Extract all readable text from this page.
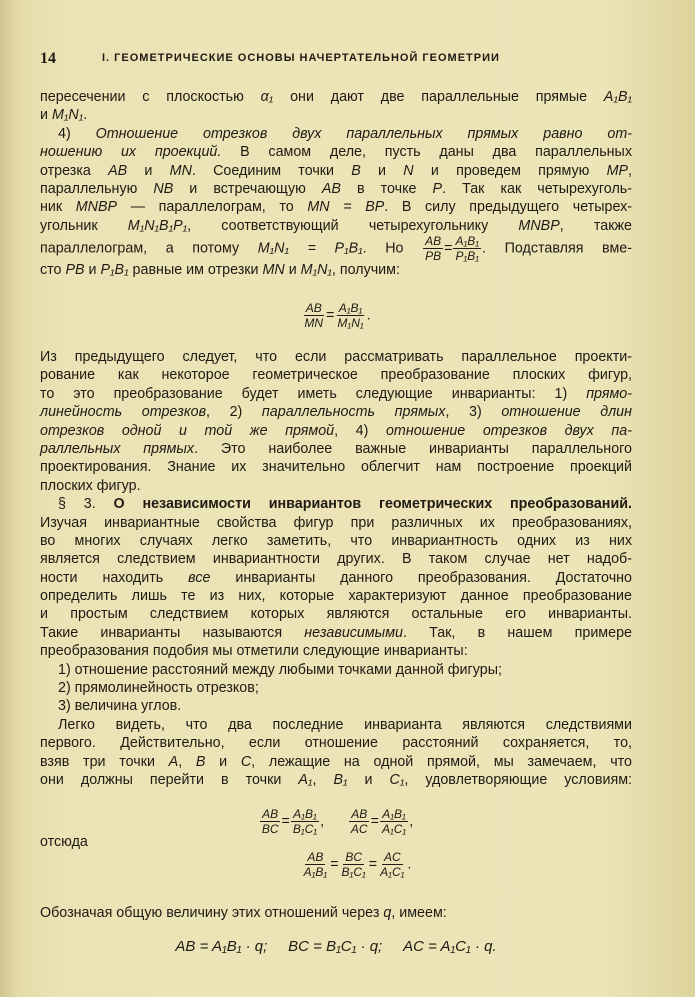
14	I. ГЕОМЕТРИЧЕСКИЕ ОСНОВЫ НАЧЕРТАТЕЛЬНОЙ ГЕОМЕТРИИ
пересечении с плоскостью α₁ они дают две параллельные прямые A₁B₁
и M₁N₁.
4) Отношение отрезков двух параллельных прямых равно от-
ношению их проекций. В самом деле, пусть даны два параллельных
отрезка AB и MN. Соединим точки B и N и проведем прямую MP,
параллельную NB и встречающую AB в точке P. Так как четырехуголь-
ник MNBP — параллелограм, то MN = BP. В силу предыдущего четырех-
угольник M₁N₁B₁P₁, соответствующий четырехугольнику MNBP, также
параллелограм, а потому M₁N₁ = P₁B₁. Но $\frac{AB}{PB} = \frac{\text{A₁B₁}}{\text{P₁B₁}}$ . Подставляя вме-
сто PB и P₁B₁ равные им отрезки MN и M₁N₁, получим:
$\frac{AB}{MN} = \frac{\text{A₁B₁}}{\text{M₁N₁}}$ .
Из предыдущего следует, что если рассматривать параллельное проекти-
рование как некоторое геометрическое преобразование плоских фигур,
то это преобразование будет иметь следующие инварианты: 1) прямо-
линейность отрезков, 2) параллельность прямых, 3) отношение длин
отрезков одной и той же прямой, 4) отношение отрезков двух па-
раллельных прямых. Это наиболее важные инварианты параллельного
проектирования. Знание их значительно облегчит нам построение проекций
плоских фигур.
§ 3. О независимости инвариантов геометрических преобразований.
Изучая инвариантные свойства фигур при различных их преобразованиях,
во многих случаях легко заметить, что инвариантность одних из них
является следствием инвариантности других. В таком случае нет надоб-
ности находить все инварианты данного преобразования. Достаточно
определить лишь те из них, которые характеризуют данное преобразование
и простым следствием которых являются остальные его инварианты.
Такие инварианты называются независимыми. Так, в нашем примере
преобразования подобия мы отметили следующие инварианты:
1) отношение расстояний между любыми точками данной фигуры;
2) прямолинейность отрезков;
3) величина углов.
Легко видеть, что два последние инварианта являются следствиями
первого. Действительно, если отношение расстояний сохраняется, то,
взяв три точки A, B и C, лежащие на одной прямой, мы замечаем, что
они должны перейти в точки A₁, B₁ и C₁, удовлетворяющие условиям:
$\frac{AB}{BC} = \frac{\text{A₁B₁}}{\text{B₁C₁}}$ , $\frac{AB}{AC} = \frac{\text{A₁B₁}}{\text{A₁C₁}}$ ,
отсюда
$\frac{AB}{\text{A₁B₁}} = \frac{BC}{\text{B₁C₁}} = \frac{AC}{\text{A₁C₁}}$ .
Обозначая общую величину этих отношений через q, имеем:
AB = A₁B₁ · q; BC = B₁C₁ · q; AC = A₁C₁ · q.
